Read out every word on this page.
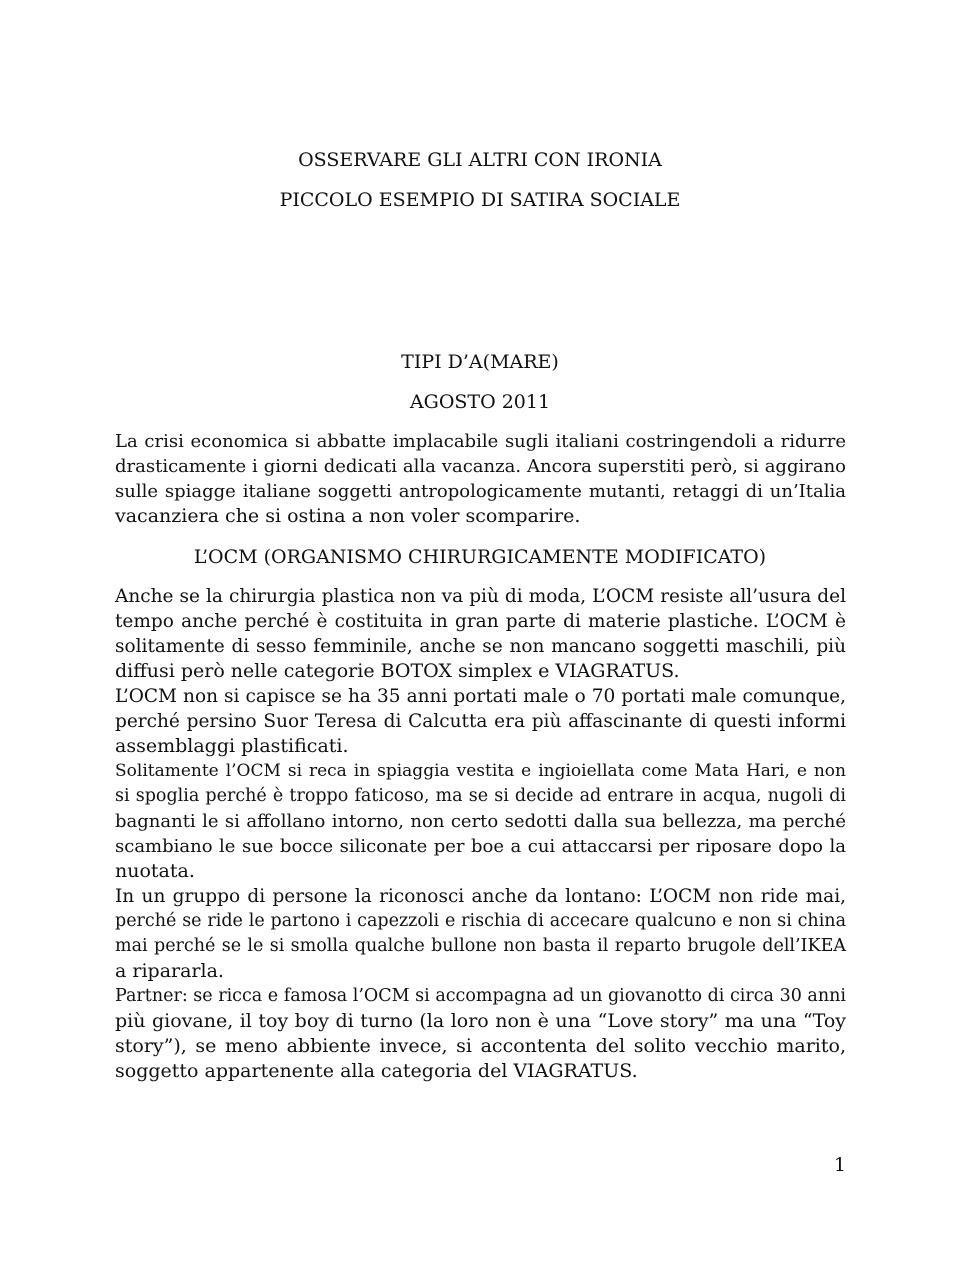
OSSERVARE GLI ALTRI CON IRONIA
PICCOLO ESEMPIO DI SATIRA SOCIALE
TIPI D’A(MARE)
AGOSTO 2011
La crisi economica si abbatte implacabile sugli italiani costringendoli a ridurre
drasticamente i giorni dedicati alla vacanza. Ancora superstiti però, si aggirano
sulle spiagge italiane soggetti antropologicamente mutanti, retaggi di un’Italia
vacanziera che si ostina a non voler scomparire.
L’OCM (ORGANISMO CHIRURGICAMENTE MODIFICATO)
Anche se la chirurgia plastica non va più di moda, L’OCM resiste all’usura del
tempo anche perché è costituita in gran parte di materie plastiche. L’OCM è
solitamente di sesso femminile, anche se non mancano soggetti maschili, più
diffusi però nelle categorie BOTOX simplex e VIAGRATUS.
L’OCM non si capisce se ha 35 anni portati male o 70 portati male comunque,
perché persino Suor Teresa di Calcutta era più affascinante di questi informi
assemblaggi plastificati.
Solitamente l’OCM si reca in spiaggia vestita e ingioiellata come Mata Hari, e non
si spoglia perché è troppo faticoso, ma se si decide ad entrare in acqua, nugoli di
bagnanti le si affollano intorno, non certo sedotti dalla sua bellezza, ma perché
scambiano le sue bocce siliconate per boe a cui attaccarsi per riposare dopo la
nuotata.
In un gruppo di persone la riconosci anche da lontano: L’OCM non ride mai,
perché se ride le partono i capezzoli e rischia di accecare qualcuno e non si china
mai perché se le si smolla qualche bullone non basta il reparto brugole dell’IKEA
a ripararla.
Partner: se ricca e famosa l’OCM si accompagna ad un giovanotto di circa 30 anni
più giovane, il toy boy di turno (la loro non è una “Love story” ma una “Toy
story”), se meno abbiente invece, si accontenta del solito vecchio marito,
soggetto appartenente alla categoria del VIAGRATUS.
1
